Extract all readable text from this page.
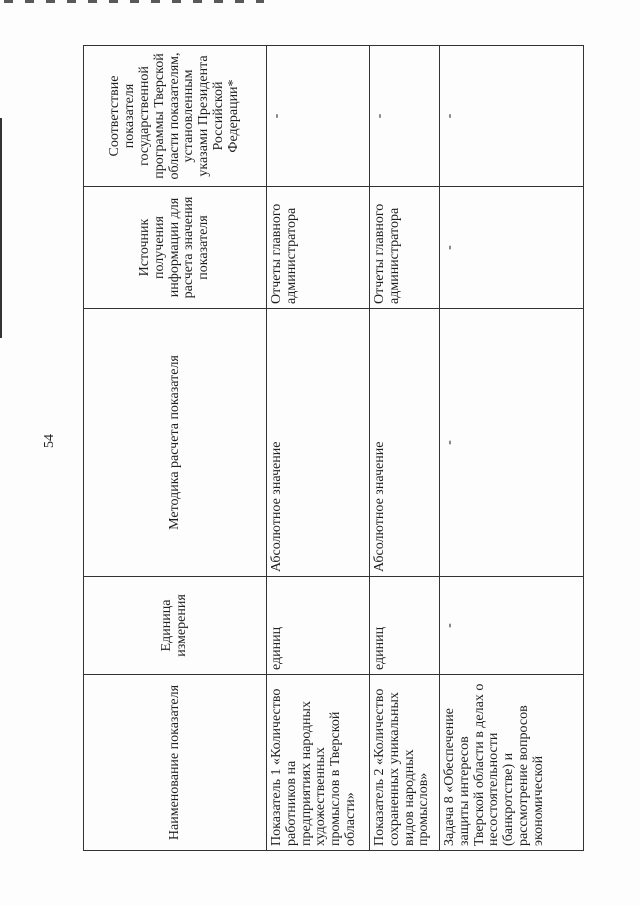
54
Наименование показателя	Единица измерения	Методика расчета показателя	Источник получения информации для расчета значения показателя	Соответствие показателя государственной программы Тверской области показателям, установленным указами Президента Российской Федерации*
Показатель 1 «Количество работников на предприятиях народных художественных промыслов в Тверской области»	единиц	Абсолютное значение	Отчеты главного администратора	-
Показатель 2 «Количество сохраненных уникальных видов народных промыслов»	единиц	Абсолютное значение	Отчеты главного администратора	-
Задача 8 «Обеспечение защиты интересов Тверской области в делах о несостоятельности (банкротстве) и рассмотрение вопросов экономической	-	-	-	-
